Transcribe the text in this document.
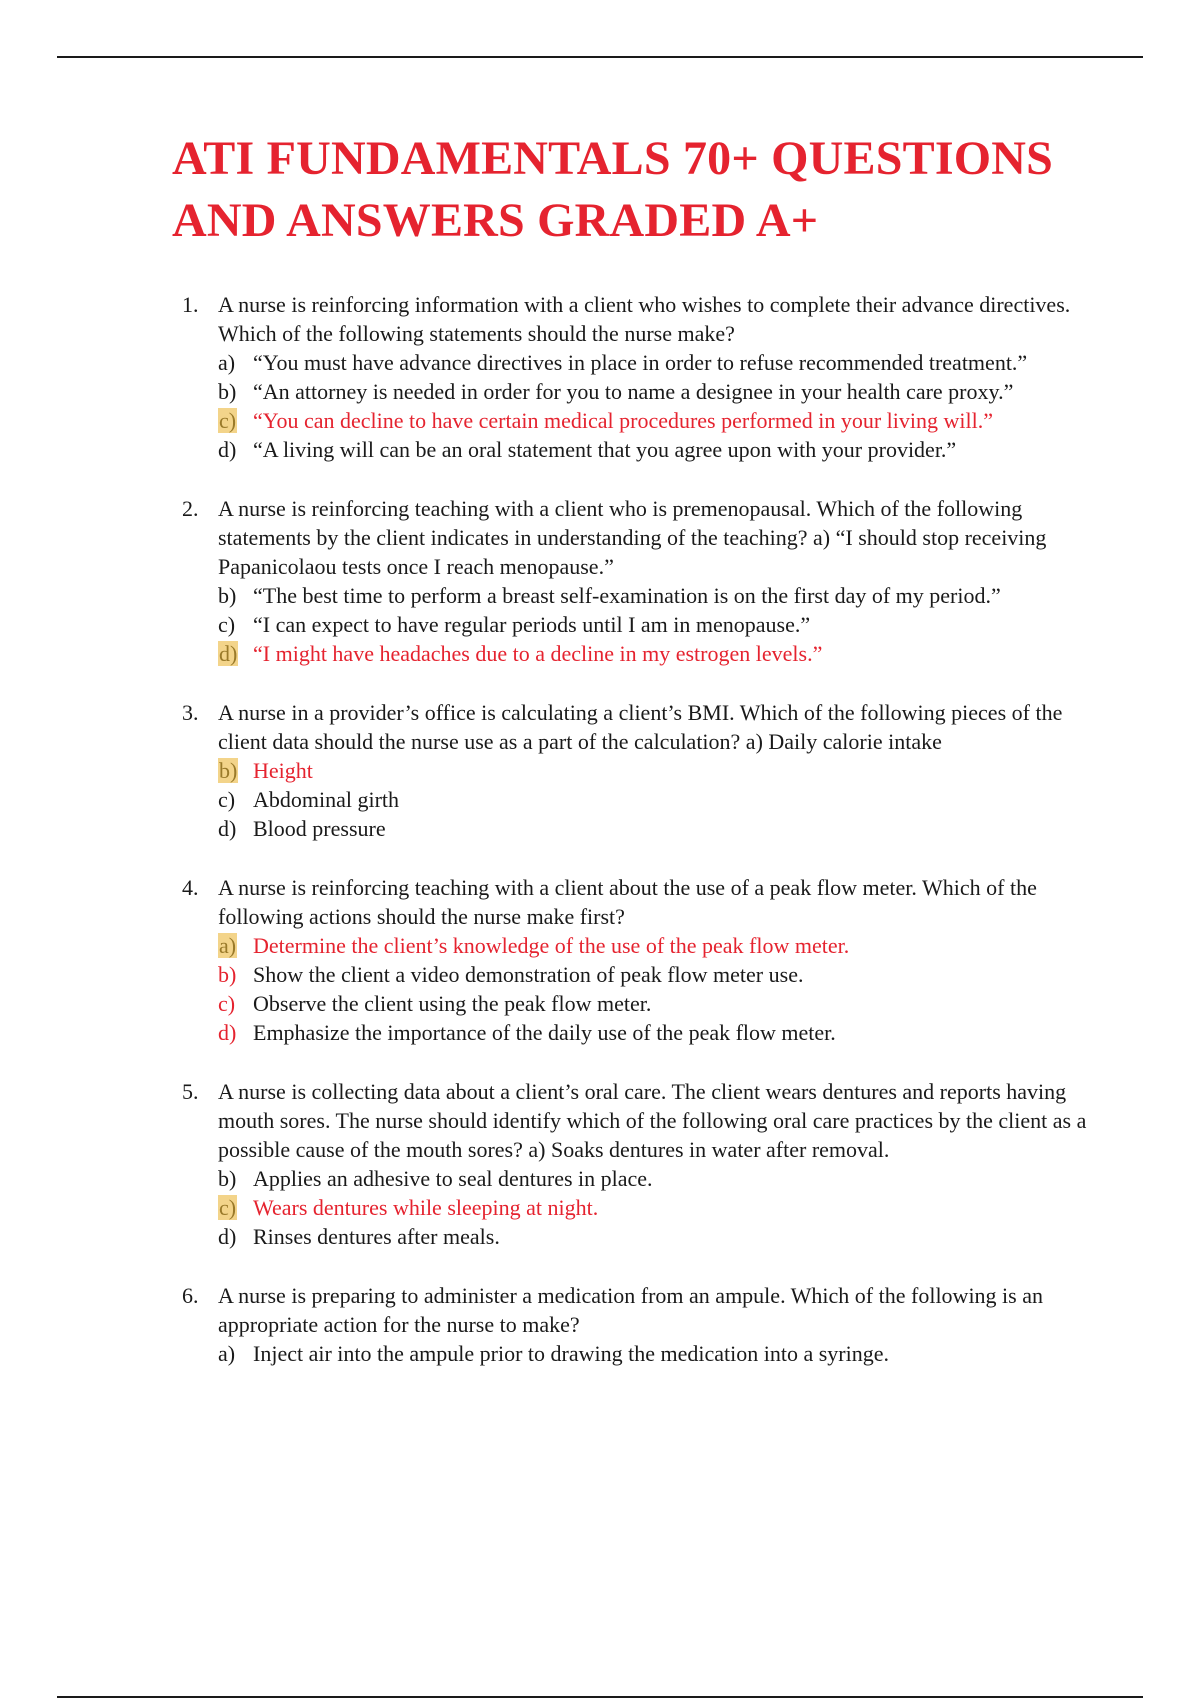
ATI FUNDAMENTALS 70+ QUESTIONS
AND ANSWERS GRADED A+
1. A nurse is reinforcing information with a client who wishes to complete their advance directives. Which of the following statements should the nurse make?
a) “You must have advance directives in place in order to refuse recommended treatment.”
b) “An attorney is needed in order for you to name a designee in your health care proxy.”
c) “You can decline to have certain medical procedures performed in your living will.”
d) “A living will can be an oral statement that you agree upon with your provider.”
2. A nurse is reinforcing teaching with a client who is premenopausal. Which of the following statements by the client indicates in understanding of the teaching? a) “I should stop receiving Papanicolaou tests once I reach menopause.”
b) “The best time to perform a breast self-examination is on the first day of my period.”
c) “I can expect to have regular periods until I am in menopause.”
d) “I might have headaches due to a decline in my estrogen levels.”
3. A nurse in a provider’s office is calculating a client’s BMI. Which of the following pieces of the client data should the nurse use as a part of the calculation? a) Daily calorie intake
b) Height
c) Abdominal girth
d) Blood pressure
4. A nurse is reinforcing teaching with a client about the use of a peak flow meter. Which of the following actions should the nurse make first?
a) Determine the client’s knowledge of the use of the peak flow meter.
b) Show the client a video demonstration of peak flow meter use.
c) Observe the client using the peak flow meter.
d) Emphasize the importance of the daily use of the peak flow meter.
5. A nurse is collecting data about a client’s oral care. The client wears dentures and reports having mouth sores. The nurse should identify which of the following oral care practices by the client as a possible cause of the mouth sores? a) Soaks dentures in water after removal.
b) Applies an adhesive to seal dentures in place.
c) Wears dentures while sleeping at night.
d) Rinses dentures after meals.
6. A nurse is preparing to administer a medication from an ampule. Which of the following is an appropriate action for the nurse to make?
a) Inject air into the ampule prior to drawing the medication into a syringe.
